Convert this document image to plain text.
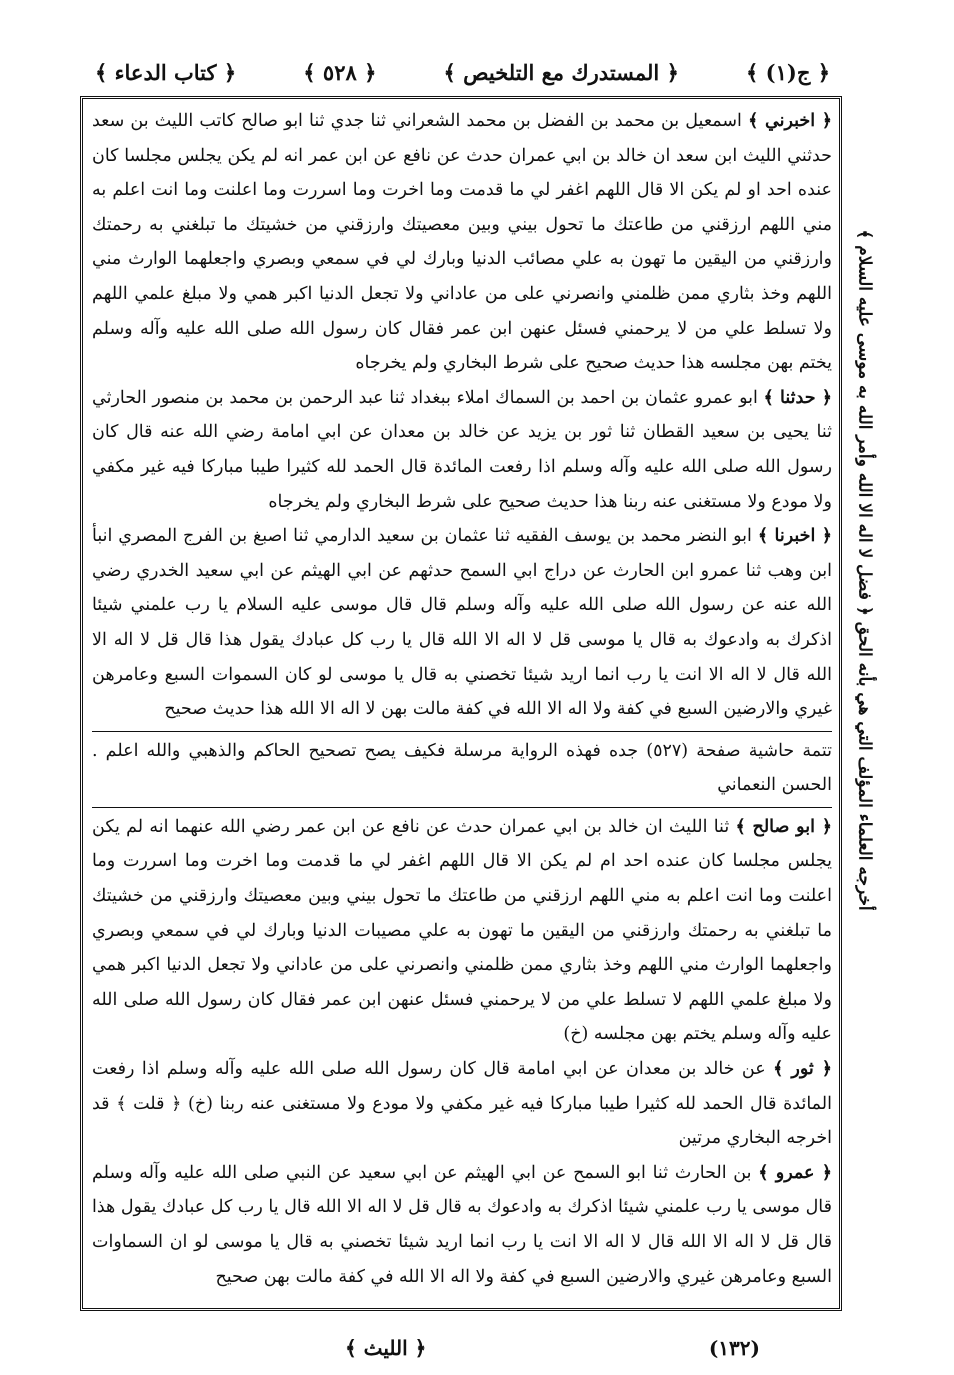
﴿ ج(١) ﴾
﴿ المستدرك مع التلخيص ﴾
﴿ ٥٢٨ ﴾
﴿ كتاب الدعاء ﴾
أخرجه العلماء المؤلف التي هي بأنه الحق ﴿ فضل لا اله الا الله وأمر الله به موسى عليه السلام ﴾

﴿ اخبرني ﴾ اسمعيل بن محمد بن الفضل بن محمد الشعراني ثنا جدي ثنا ابو صالح كاتب الليث بن سعد حدثني الليث ابن سعد ان خالد بن ابي عمران حدث عن نافع عن ابن عمر انه لم يكن يجلس مجلسا كان عنده احد او لم يكن الا قال اللهم اغفر لي ما قدمت وما اخرت وما اسررت وما اعلنت وما انت اعلم به مني اللهم ارزقني من طاعتك ما تحول بيني وبين معصيتك وارزقني من خشيتك ما تبلغني به رحمتك وارزقني من اليقين ما تهون به علي مصائب الدنيا وبارك لي في سمعي وبصري واجعلهما الوارث مني اللهم وخذ بثاري ممن ظلمني وانصرني على من عاداني ولا تجعل الدنيا اكبر همي ولا مبلغ علمي اللهم ولا تسلط علي من لا يرحمني فسئل عنهن ابن عمر فقال كان رسول الله صلى الله عليه وآله وسلم يختم بهن مجلسه هذا حديث صحيح على شرط البخاري ولم يخرجاه

﴿ حدثنا ﴾ ابو عمرو عثمان بن احمد بن السماك املاء ببغداد ثنا عبد الرحمن بن محمد بن منصور الحارثي ثنا يحيى بن سعيد القطان ثنا ثور بن يزيد عن خالد بن معدان عن ابي امامة رضي الله عنه قال كان رسول الله صلى الله عليه وآله وسلم اذا رفعت المائدة قال الحمد لله كثيرا طيبا مباركا فيه غير مكفي ولا مودع ولا مستغنى عنه ربنا هذا حديث صحيح على شرط البخاري ولم يخرجاه

﴿ اخبرنا ﴾ ابو النضر محمد بن يوسف الفقيه ثنا عثمان بن سعيد الدارمي ثنا اصبغ بن الفرج المصري انبأ ابن وهب ثنا عمرو ابن الحارث عن دراج ابي السمح حدثهم عن ابي الهيثم عن ابي سعيد الخدري رضي الله عنه عن رسول الله صلى الله عليه وآله وسلم قال قال موسى عليه السلام يا رب علمني شيئا اذكرك به وادعوك به قال يا موسى قل لا اله الا الله قال يا رب كل عبادك يقول هذا قال قل لا اله الا الله قال لا اله الا انت يا رب انما اريد شيئا تخصني به قال يا موسى لو كان السموات السبع وعامرهن غيري والارضين السبع في كفة ولا اله الا الله في كفة مالت بهن لا اله الا الله هذا حديث صحيح

تتمة حاشية صفحة (٥٢٧) جده فهذه الرواية مرسلة فكيف يصح تصحيح الحاكم والذهبي والله اعلم . الحسن النعماني

﴿ ابو صالح ﴾ ثنا الليث ان خالد بن ابي عمران حدث عن نافع عن ابن عمر رضي الله عنهما انه لم يكن يجلس مجلسا كان عنده احد ام لم يكن الا قال اللهم اغفر لي ما قدمت وما اخرت وما اسررت وما اعلنت وما انت اعلم به مني اللهم ارزقني من طاعتك ما تحول بيني وبين معصيتك وارزقني من خشيتك ما تبلغني به رحمتك وارزقني من اليقين ما تهون به علي مصيبات الدنيا وبارك لي في سمعي وبصري واجعلهما الوارث مني اللهم وخذ بثاري ممن ظلمني وانصرني على من عاداني ولا تجعل الدنيا اكبر همي ولا مبلغ علمي اللهم لا تسلط علي من لا يرحمني فسئل عنهن ابن عمر فقال كان رسول الله صلى الله عليه وآله وسلم يختم بهن مجلسه (خ)

﴿ ثور ﴾ عن خالد بن معدان عن ابي امامة قال كان رسول الله صلى الله عليه وآله وسلم اذا رفعت المائدة قال الحمد لله كثيرا طيبا مباركا فيه غير مكفي ولا مودع ولا مستغنى عنه ربنا (خ) ﴿ قلت ﴾ قد اخرجه البخاري مرتين

﴿ عمرو ﴾ بن الحارث ثنا ابو السمح عن ابي الهيثم عن ابي سعيد عن النبي صلى الله عليه وآله وسلم قال موسى يا رب علمني شيئا اذكرك به وادعوك به قال قل لا اله الا الله قال يا رب كل عبادك يقول هذا قال قل لا اله الا الله قال لا اله الا انت يا رب انما اريد شيئا تخصني به قال يا موسى لو ان السماوات السبع وعامرهن غيري والارضين السبع في كفة ولا اله الا الله في كفة مالت بهن صحيح

(١٣٢)
﴿ الليث ﴾
